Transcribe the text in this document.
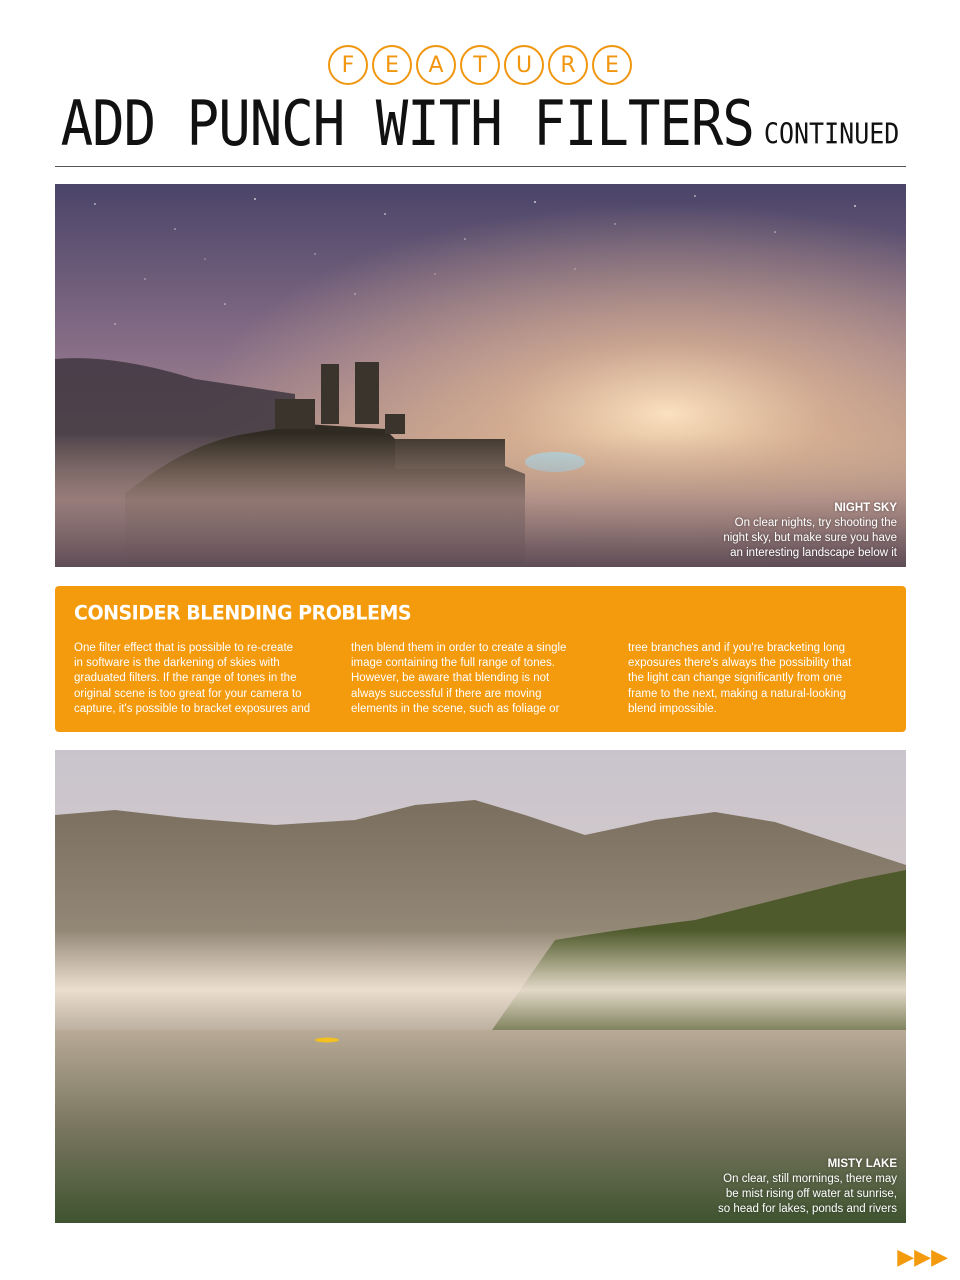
F	E	A	T	U	R	E
ADD PUNCH WITH FILTERS CONTINUED
NIGHT SKY
On clear nights, try shooting the
night sky, but make sure you have
an interesting landscape below it
CONSIDER BLENDING PROBLEMS
One filter effect that is possible to re-create
in software is the darkening of skies with
graduated filters. If the range of tones in the
original scene is too great for your camera to
capture, it's possible to bracket exposures and
then blend them in order to create a single
image containing the full range of tones.
However, be aware that blending is not
always successful if there are moving
elements in the scene, such as foliage or
tree branches and if you're bracketing long
exposures there's always the possibility that
the light can change significantly from one
frame to the next, making a natural-looking
blend impossible.
MISTY LAKE
On clear, still mornings, there may
be mist rising off water at sunrise,
so head for lakes, ponds and rivers
▶ ▶ ▶
